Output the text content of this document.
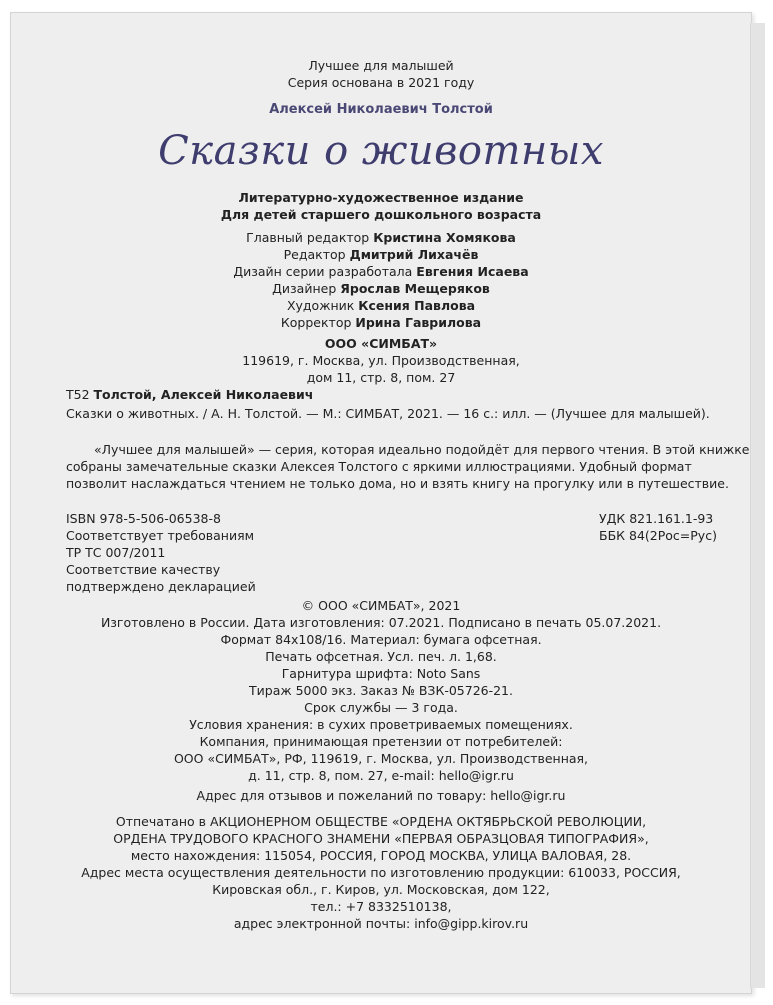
Лучшее для малышей
Серия основана в 2021 году
Алексей Николаевич Толстой
Сказки о животных
Литературно-художественное издание
Для детей старшего дошкольного возраста
Главный редактор Кристина Хомякова
Редактор Дмитрий Лихачёв
Дизайн серии разработала Евгения Исаева
Дизайнер Ярослав Мещеряков
Художник Ксения Павлова
Корректор Ирина Гаврилова
ООО «СИМБАТ»
119619, г. Москва, ул. Производственная,
дом 11, стр. 8, пом. 27
Т52 Толстой, Алексей Николаевич
Сказки о животных. / А. Н. Толстой. — М.: СИМБАТ, 2021. — 16 с.: илл. — (Лучшее для малышей).
«Лучшее для малышей» — серия, которая идеально подойдёт для первого чтения. В этой книжке
собраны замечательные сказки Алексея Толстого с яркими иллюстрациями. Удобный формат
позволит наслаждаться чтением не только дома, но и взять книгу на прогулку или в путешествие.
ISBN 978-5-506-06538-8
Соответствует требованиям
ТР ТС 007/2011
Соответствие качеству
подтверждено декларацией
УДК 821.161.1-93
ББК 84(2Рос=Рус)
© ООО «СИМБАТ», 2021
Изготовлено в России. Дата изготовления: 07.2021. Подписано в печать 05.07.2021.
Формат 84х108/16. Материал: бумага офсетная.
Печать офсетная. Усл. печ. л. 1,68.
Гарнитура шрифта: Noto Sans
Тираж 5000 экз. Заказ № ВЗК-05726-21.
Срок службы — 3 года.
Условия хранения: в сухих проветриваемых помещениях.
Компания, принимающая претензии от потребителей:
ООО «СИМБАТ», РФ, 119619, г. Москва, ул. Производственная,
д. 11, стр. 8, пом. 27, e-mail: hello@igr.ru
Адрес для отзывов и пожеланий по товару: hello@igr.ru
Отпечатано в АКЦИОНЕРНОМ ОБЩЕСТВЕ «ОРДЕНА ОКТЯБРЬСКОЙ РЕВОЛЮЦИИ,
ОРДЕНА ТРУДОВОГО КРАСНОГО ЗНАМЕНИ «ПЕРВАЯ ОБРАЗЦОВАЯ ТИПОГРАФИЯ»,
место нахождения: 115054, РОССИЯ, ГОРОД МОСКВА, УЛИЦА ВАЛОВАЯ, 28.
Адрес места осуществления деятельности по изготовлению продукции: 610033, РОССИЯ,
Кировская обл., г. Киров, ул. Московская, дом 122,
тел.: +7 8332510138,
адрес электронной почты: info@gipp.kirov.ru
